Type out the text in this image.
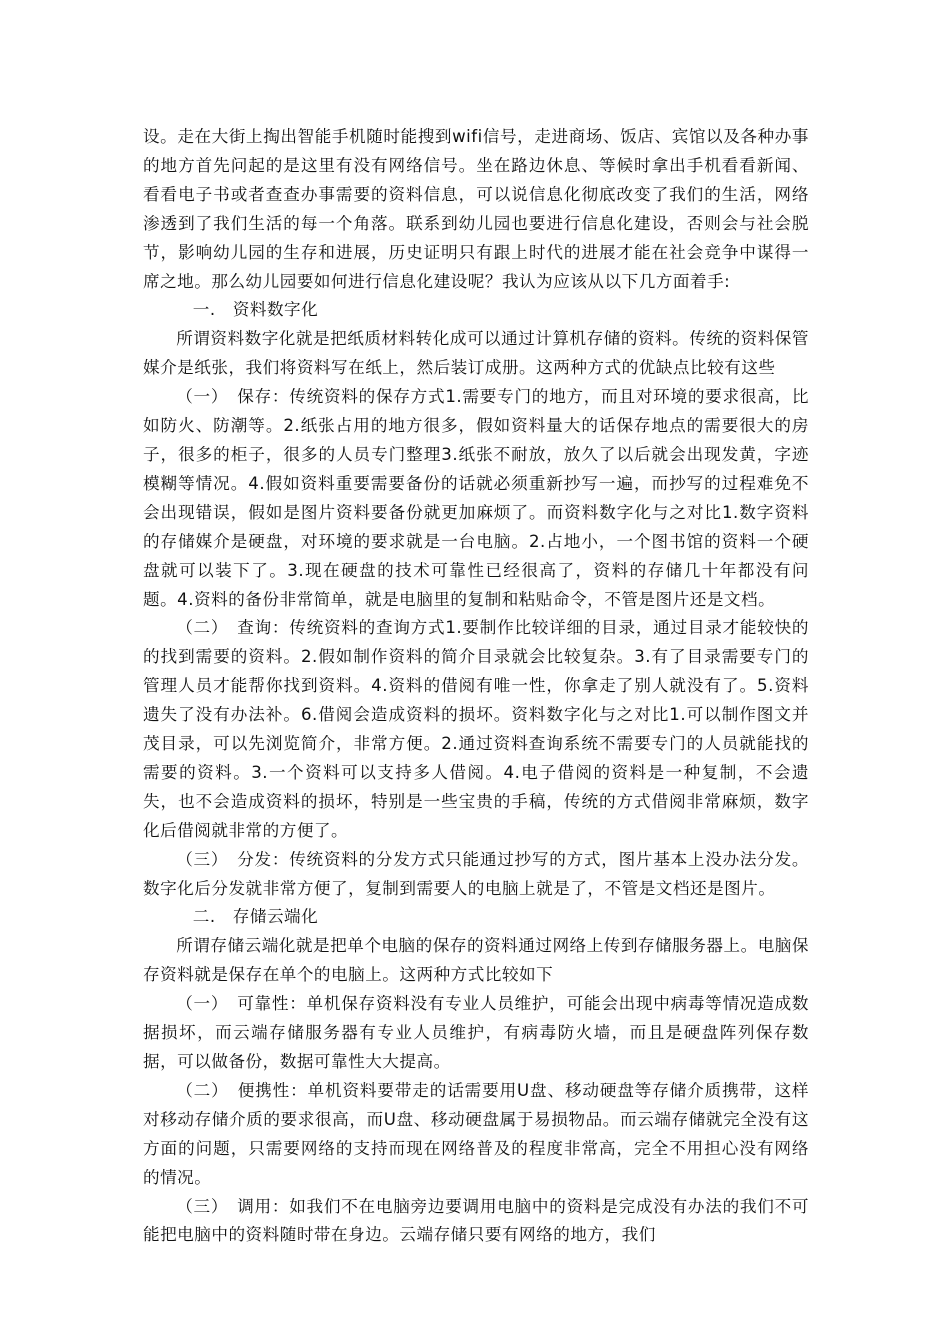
设。走在大街上掏出智能手机随时能搜到wifi信号，走进商场、饭店、宾馆以及各种办事的地方首先问起的是这里有没有网络信号。坐在路边休息、等候时拿出手机看看新闻、看看电子书或者查查办事需要的资料信息，可以说信息化彻底改变了我们的生活，网络渗透到了我们生活的每一个角落。联系到幼儿园也要进行信息化建设，否则会与社会脱节，影响幼儿园的生存和进展，历史证明只有跟上时代的进展才能在社会竞争中谋得一席之地。那么幼儿园要如何进行信息化建设呢？我认为应该从以下几方面着手:

一.　资料数字化

所谓资料数字化就是把纸质材料转化成可以通过计算机存储的资料。传统的资料保管媒介是纸张，我们将资料写在纸上，然后装订成册。这两种方式的优缺点比较有这些

（一）　保存：传统资料的保存方式1.需要专门的地方，而且对环境的要求很高，比如防火、防潮等。2.纸张占用的地方很多，假如资料量大的话保存地点的需要很大的房子，很多的柜子，很多的人员专门整理3.纸张不耐放，放久了以后就会出现发黄，字迹模糊等情况。4.假如资料重要需要备份的话就必须重新抄写一遍，而抄写的过程难免不会出现错误，假如是图片资料要备份就更加麻烦了。而资料数字化与之对比1.数字资料的存储媒介是硬盘，对环境的要求就是一台电脑。2.占地小，一个图书馆的资料一个硬盘就可以装下了。3.现在硬盘的技术可靠性已经很高了，资料的存储几十年都没有问题。4.资料的备份非常简单，就是电脑里的复制和粘贴命令，不管是图片还是文档。

（二）　查询：传统资料的查询方式1.要制作比较详细的目录，通过目录才能较快的的找到需要的资料。2.假如制作资料的简介目录就会比较复杂。3.有了目录需要专门的管理人员才能帮你找到资料。4.资料的借阅有唯一性，你拿走了别人就没有了。5.资料遗失了没有办法补。6.借阅会造成资料的损坏。资料数字化与之对比1.可以制作图文并茂目录，可以先浏览简介，非常方便。2.通过资料查询系统不需要专门的人员就能找的需要的资料。3.一个资料可以支持多人借阅。4.电子借阅的资料是一种复制，不会遗失，也不会造成资料的损坏，特别是一些宝贵的手稿，传统的方式借阅非常麻烦，数字化后借阅就非常的方便了。

（三）　分发：传统资料的分发方式只能通过抄写的方式，图片基本上没办法分发。数字化后分发就非常方便了，复制到需要人的电脑上就是了，不管是文档还是图片。

二.　存储云端化

所谓存储云端化就是把单个电脑的保存的资料通过网络上传到存储服务器上。电脑保存资料就是保存在单个的电脑上。这两种方式比较如下

（一）　可靠性：单机保存资料没有专业人员维护，可能会出现中病毒等情况造成数据损坏，而云端存储服务器有专业人员维护，有病毒防火墙，而且是硬盘阵列保存数据，可以做备份，数据可靠性大大提高。

（二）　便携性：单机资料要带走的话需要用U盘、移动硬盘等存储介质携带，这样对移动存储介质的要求很高，而U盘、移动硬盘属于易损物品。而云端存储就完全没有这方面的问题，只需要网络的支持而现在网络普及的程度非常高，完全不用担心没有网络的情况。

（三）　调用：如我们不在电脑旁边要调用电脑中的资料是完成没有办法的我们不可能把电脑中的资料随时带在身边。云端存储只要有网络的地方，我们
